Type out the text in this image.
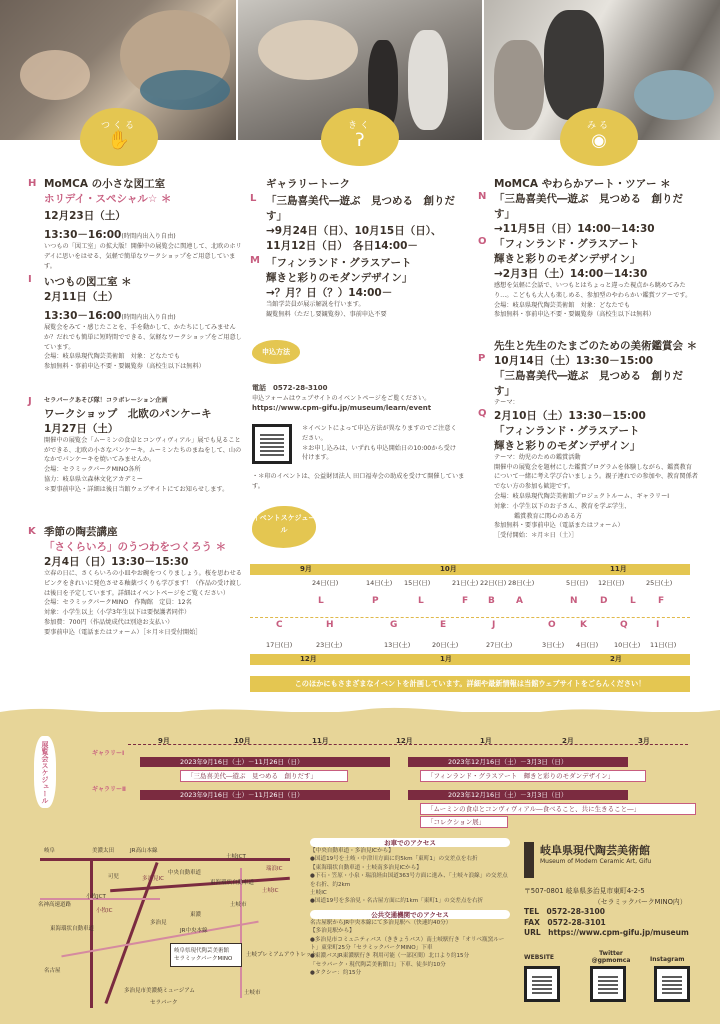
つくる
✋
きく
ʔ
みる
◉
H MoMCA の小さな図工室
ホリデイ・スペシャル☆ ＊
12月23日（土）
13:30－16:00(時間内出入り自由)
いつもの「図工室」の拡大版！開催中の展覧会に関連して、北欧のホリデイに思いをはせる、気軽で簡単なワークショップをご用意しています。
I いつもの図工室 ＊
2月11日（土）
13:30－16:00(時間内出入り自由)
展覧会をみて・感じたことを、手を動かして、かたちにしてみませんか？だれでも簡単に短時間でできる、気軽なワークショップをご用意しています。
会場：岐阜県現代陶芸美術館　対象：どなたでも
参加無料・事前申込不要・要観覧券（高校生以下は無料）
J セラパークあそび隊！コラボレーション企画
ワークショップ　北欧のパンケーキ
1月27日（土）
開催中の展覧会「ムーミンの食卓とコンヴィヴィアル」展でも見ることができる、北欧の小さなパンケーキ。ムーミンたちのまねをして、山のなかでパンケーキを焼いてみませんか。
会場：セラミックパークMINO各所
協力：岐阜県立森林文化アカデミー
＊要事前申込・詳細は後日当館ウェブサイトにてお知らせします。
K 季節の陶芸講座
「さくらいろ」のうつわをつくろう ＊
2月4日（日）13:30－15:30
立春の日に、さくらいろの小皿やお碗をつくりましょう。桜を思わせるピンクをきれいに発色させる釉薬づくりも学びます！（作品の受け渡しは後日を予定しています。詳細はイベントページをご覧ください）
会場：セラミックパークMINO　作陶館　定員：12名
対象：小学生以上（小学3年生以下は要保護者同伴）
参加費：700円（作品焼成代は別途お支払い）
要事前申込（電話またはフォーム）［＊月＊日受付開始］
ギャラリートーク
L 「三島喜美代―遊ぶ　見つめる　創りだす」
→9月24日（日）、10月15日（日）、
11月12日（日）　各日14:00－
M 「フィンランド・グラスアート
輝きと彩りのモダンデザイン」
→？月？日（？）14:00－
当館学芸員が展示解説を行います。
観覧無料（ただし要観覧券）、事前申込不要
申込方法
電話　0572-28-3100
申込フォームはウェブサイトのイベントページをご覧ください。
https://www.cpm-gifu.jp/museum/learn/event
＊イベントによって申込方法が異なりますのでご注意ください。
＊お申し込みは、いずれも申込開始日の10:00から受け付けます。
・＊印のイベントは、公益財団法人 田口福寿会の助成を受けて開催しています。
MoMCA やわらかアート・ツアー ＊
N 「三島喜美代―遊ぶ　見つめる　創りだす」
→11月5日（日）14:00－14:30
O 「フィンランド・グラスアート
輝きと彩りのモダンデザイン」
→2月3日（土）14:00－14:30
感想を気軽に会話で、いつもとはちょっと違った視点から眺めてみたり…。こどもも大人も楽しめる、参加型のやわらかい鑑賞ツアーです。
会場：岐阜県現代陶芸美術館　対象：どなたでも
参加無料・事前申込不要・要観覧券（高校生以下は無料）
先生と先生のたまごのための美術鑑賞会 ＊
P 10月14日（土）13:30－15:00
「三島喜美代―遊ぶ　見つめる　創りだす」
テーマ：
Q 2月10日（土）13:30－15:00
「フィンランド・グラスアート
輝きと彩りのモダンデザイン」
テーマ：幼児のための鑑賞活動
開催中の展覧会を題材にした鑑賞プログラムを体験しながら、鑑賞教育について一緒に考え学び合いましょう。親子連れでの参加や、教育関係者でない方の参加も歓迎です。
会場：岐阜県現代陶芸美術館プロジェクトルーム、ギャラリーⅠ
対象：小学生以下のお子さん、教育を学ぶ学生、
鑑賞教育に関心のある方
参加無料・要事前申込（電話またはフォーム）
［受付開始：＊月＊日（土）］
イベントスケジュール
9月	10月	11月
12月	1月	2月
24日(日)	14日(土) 15日(日)	21日(土) 22日(日) 28日(土)	5日(日) 12日(日)	25日(土)
L	P	L	F B A	N D	L F
C	H	G	E	J	O	K	Q	I
17日(日)	23日(土)	13日(土)	20日(土)	27日(土)	3日(土) 4日(日) 10日(土) 11日(日)
このほかにもさまざまなイベントを計画しています。詳細や最新情報は当館ウェブサイトをごらんください！
展覧会スケジュール	ギャラリーⅠ
ギャラリーⅡ
9月	10月	11月	12月	1月	2月	3月
2023年9月16日（土）－11月26日（日）
「三島喜美代―遊ぶ　見つめる　創りだす」
2023年12月16日（土）－3月3日（日）
「フィンランド・グラスアート　輝きと彩りのモダンデザイン」
2023年9月16日（土）－11月26日（日）	2023年12月16日（土）－3月3日（日）
「ムーミンの食卓とコンヴィヴィアル―食べること、共に生きること―」
「コレクション展」
岐阜	美濃太田	JR高山本線
可児	多治見IC
土岐JCT
瑞浪IC
小牧JCT
中央自動車道
東海環状自動車道
名神高速道路
小牧IC
土岐IC
多治見
土岐市
名古屋
JR中央本線
岐阜県現代陶芸美術館
セラミックパークMINO
土岐プレミアムアウトレット
東海環状自動車道
多治見市美濃焼ミュージアム
セラパーク
土岐市
東濃
お車でのアクセス
【中央自動車道・多治見ICから】
●国道19号を土岐・中津川方面に約5km「東町1」の交差点を右折
【東海環状自動車道・土岐南多治見ICから】
●下石・笠原・小泉・瑞浪経由国道363号方面に進み、「土岐々浪線」の交差点を右折、約2km
土岐IC
●国道19号を多治見・名古屋方面に約1km「東町1」の交差点を右折
公共交通機関でのアクセス
名古屋駅からJR中央本線にて多治見駅へ（快速約40分）
【多治見駅から】
●多治見市コミュニティバス（ききょうバス）南土岐駅行き「オリベ瓶窯ルート」東栄町25分「セラミックパークMINO」下車
●東濃バスJR東濃駅行き 利用可能（一部区間）北口より約15分
「セラパーク・現代陶芸美術館口」下車、徒歩約10分
●タクシー：約15分
岐阜県現代陶芸美術館
Museum of Modern Ceramic Art, Gifu
〒507-0801 岐阜県多治見市東町4-2-5
（セラミックパークMINO内）
TEL　0572-28-3100
FAX　0572-28-3101
URL　https://www.cpm-gifu.jp/museum
WEBSITE
Twitter
@gpmomca	Instagram
